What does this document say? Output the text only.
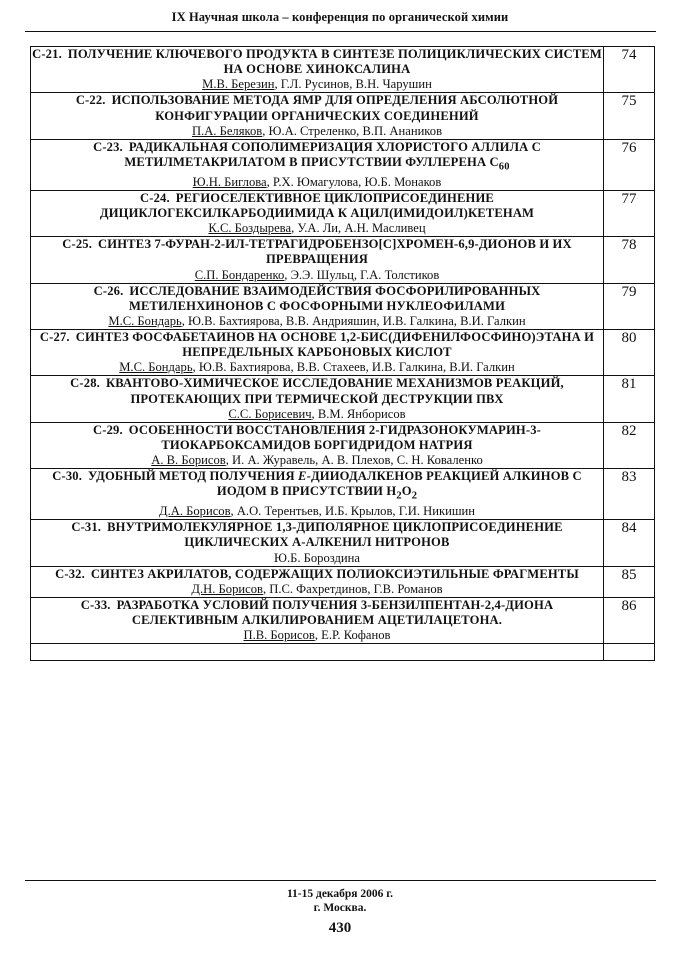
IX Научная школа – конференция по органической химии
С-21. ПОЛУЧЕНИЕ КЛЮЧЕВОГО ПРОДУКТА В СИНТЕЗЕ ПОЛИЦИКЛИЧЕСКИХ СИСТЕМ НА ОСНОВЕ ХИНОКСАЛИНА
М.В. Березин, Г.Л. Русинов, В.Н. Чарушин	74

С-22. ИСПОЛЬЗОВАНИЕ МЕТОДА ЯМР ДЛЯ ОПРЕДЕЛЕНИЯ АБСОЛЮТНОЙ КОНФИГУРАЦИИ ОРГАНИЧЕСКИХ СОЕДИНЕНИЙ
П.А. Беляков, Ю.А. Стреленко, В.П. Анаников	75

С-23. РАДИКАЛЬНАЯ СОПОЛИМЕРИЗАЦИЯ ХЛОРИСТОГО АЛЛИЛА С МЕТИЛМЕТАКРИЛАТОМ В ПРИСУТСТВИИ ФУЛЛЕРЕНА $С_{60}$
Ю.Н. Биглова, Р.Х. Юмагулова, Ю.Б. Монаков	76

С-24. РЕГИОСЕЛЕКТИВНОЕ ЦИКЛОПРИСОЕДИНЕНИЕ ДИЦИКЛОГЕКСИЛКАРБОДИИМИДА К АЦИЛ(ИМИДОИЛ)КЕТЕНАМ
К.С. Боздырева, У.А. Ли, А.Н. Масливец	77

С-25. СИНТЕЗ 7-ФУРАН-2-ИЛ-ТЕТРАГИДРОБЕНЗО[С]ХРОМЕН-6,9-ДИОНОВ И ИХ ПРЕВРАЩЕНИЯ
С.П. Бондаренко, Э.Э. Шульц, Г.А. Толстиков	78

С-26. ИССЛЕДОВАНИЕ ВЗАИМОДЕЙСТВИЯ ФОСФОРИЛИРОВАННЫХ МЕТИЛЕНХИНОНОВ С ФОСФОРНЫМИ НУКЛЕОФИЛАМИ
М.С. Бондарь, Ю.В. Бахтиярова, В.В. Андрияшин, И.В. Галкина, В.И. Галкин	79

С-27. СИНТЕЗ ФОСФАБЕТАИНОВ НА ОСНОВЕ 1,2-БИС(ДИФЕНИЛФОСФИНО)ЭТАНА И НЕПРЕДЕЛЬНЫХ КАРБОНОВЫХ КИСЛОТ
М.С. Бондарь, Ю.В. Бахтиярова, В.В. Стахеев, И.В. Галкина, В.И. Галкин	80

С-28. КВАНТОВО-ХИМИЧЕСКОЕ ИССЛЕДОВАНИЕ МЕХАНИЗМОВ РЕАКЦИЙ, ПРОТЕКАЮЩИХ ПРИ ТЕРМИЧЕСКОЙ ДЕСТРУКЦИИ ПВХ
С.С. Борисевич, В.М. Янборисов	81

С-29. ОСОБЕННОСТИ ВОССТАНОВЛЕНИЯ 2-ГИДРАЗОНОКУМАРИН-3-ТИОКАРБОКСАМИДОВ БОРГИДРИДОМ НАТРИЯ
А. В. Борисов, И. А. Журавель, А. В. Плехов, С. Н. Коваленко	82

С-30. УДОБНЫЙ МЕТОД ПОЛУЧЕНИЯ Е-ДИИОДАЛКЕНОВ РЕАКЦИЕЙ АЛКИНОВ С ИОДОМ В ПРИСУТСТВИИ $Н_2О_2$
Д.А. Борисов, А.О. Терентьев, И.Б. Крылов, Г.И. Никишин	83

С-31. ВНУТРИМОЛЕКУЛЯРНОЕ 1,3-ДИПОЛЯРНОЕ ЦИКЛОПРИСОЕДИНЕНИЕ ЦИКЛИЧЕСКИХ А-АЛКЕНИЛ НИТРОНОВ
Ю.Б. Бороздина	84

С-32. СИНТЕЗ АКРИЛАТОВ, СОДЕРЖАЩИХ ПОЛИОКСИЭТИЛЬНЫЕ ФРАГМЕНТЫ
Д.Н. Борисов, П.С. Фахретдинов, Г.В. Романов	85

С-33. РАЗРАБОТКА УСЛОВИЙ ПОЛУЧЕНИЯ 3-БЕНЗИЛПЕНТАН-2,4-ДИОНА СЕЛЕКТИВНЫМ АЛКИЛИРОВАНИЕМ АЦЕТИЛАЦЕТОНА.
П.В. Борисов, Е.Р. Кофанов	86

11-15 декабря 2006 г.
г. Москва.
430
